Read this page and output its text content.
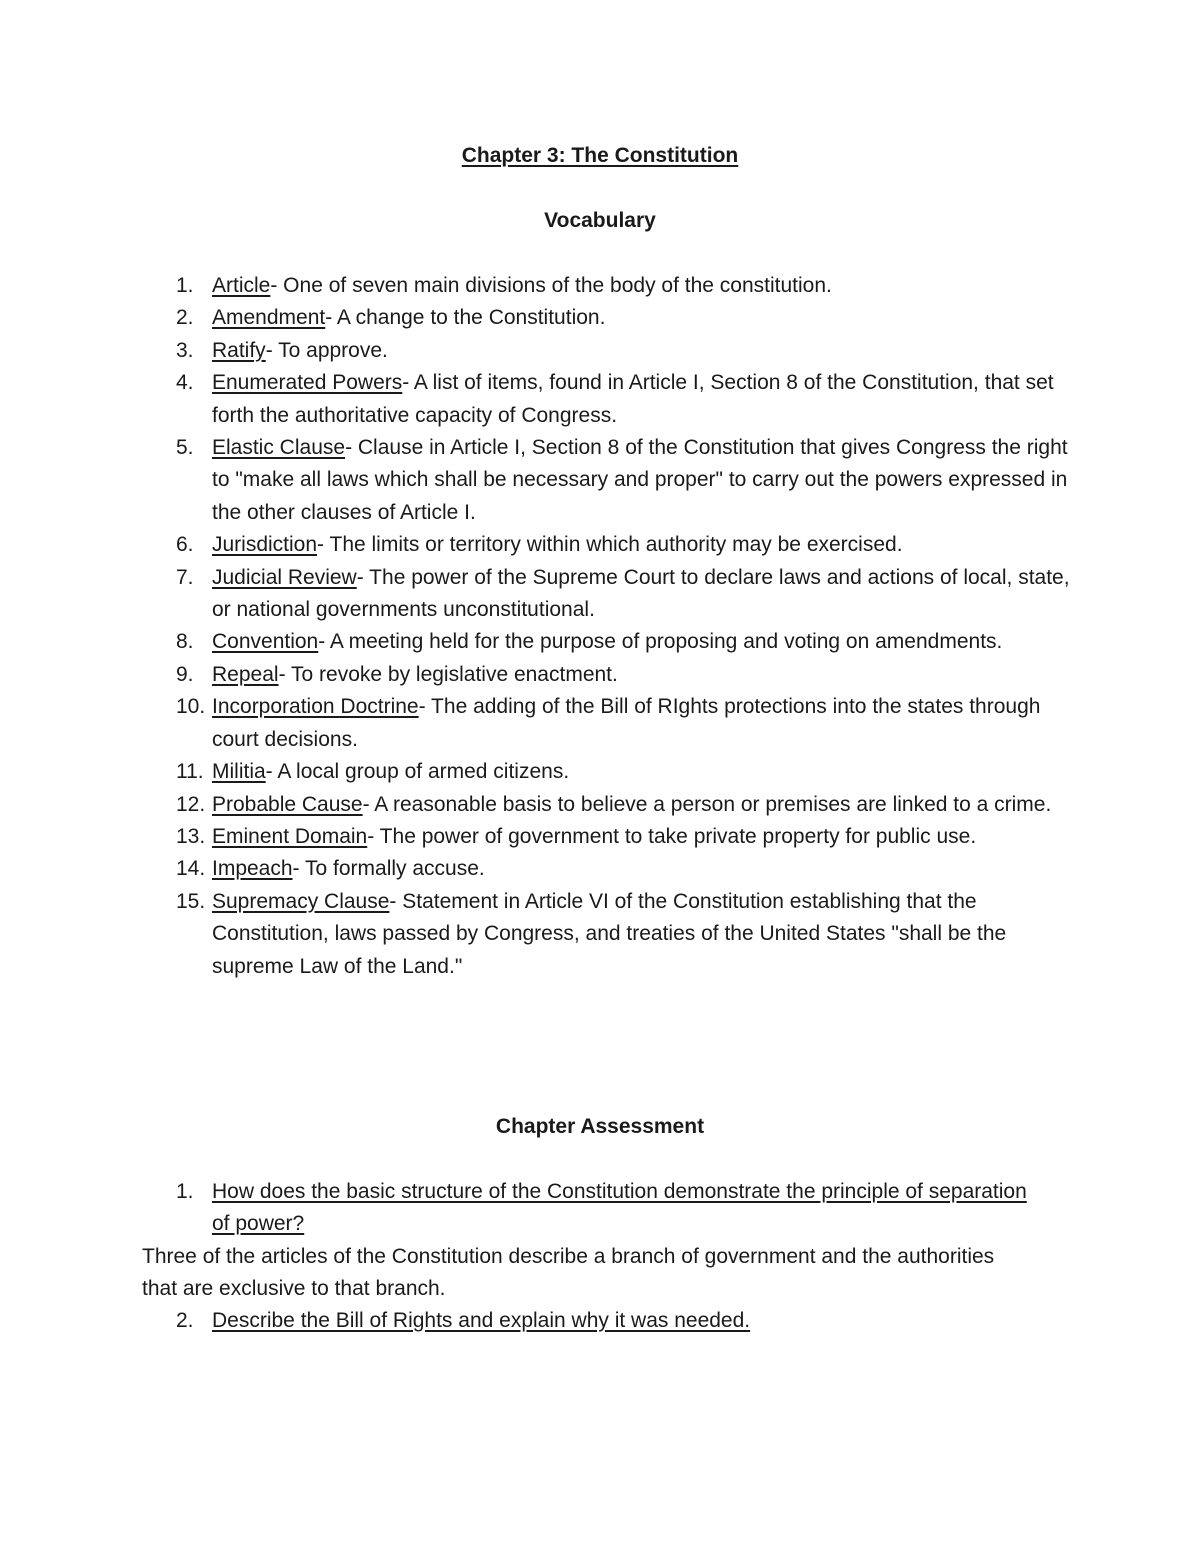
Chapter 3: The Constitution
Vocabulary
1. Article- One of seven main divisions of the body of the constitution.
2. Amendment- A change to the Constitution.
3. Ratify- To approve.
4. Enumerated Powers- A list of items, found in Article I, Section 8 of the Constitution, that set forth the authoritative capacity of Congress.
5. Elastic Clause- Clause in Article I, Section 8 of the Constitution that gives Congress the right to "make all laws which shall be necessary and proper" to carry out the powers expressed in the other clauses of Article I.
6. Jurisdiction- The limits or territory within which authority may be exercised.
7. Judicial Review- The power of the Supreme Court to declare laws and actions of local, state, or national governments unconstitutional.
8. Convention- A meeting held for the purpose of proposing and voting on amendments.
9. Repeal- To revoke by legislative enactment.
10. Incorporation Doctrine- The adding of the Bill of RIghts protections into the states through court decisions.
11. Militia- A local group of armed citizens.
12. Probable Cause- A reasonable basis to believe a person or premises are linked to a crime.
13. Eminent Domain- The power of government to take private property for public use.
14. Impeach- To formally accuse.
15. Supremacy Clause- Statement in Article VI of the Constitution establishing that the Constitution, laws passed by Congress, and treaties of the United States "shall be the supreme Law of the Land."
Chapter Assessment
1. How does the basic structure of the Constitution demonstrate the principle of separation of power?
Three of the articles of the Constitution describe a branch of government and the authorities that are exclusive to that branch.
2. Describe the Bill of Rights and explain why it was needed.
